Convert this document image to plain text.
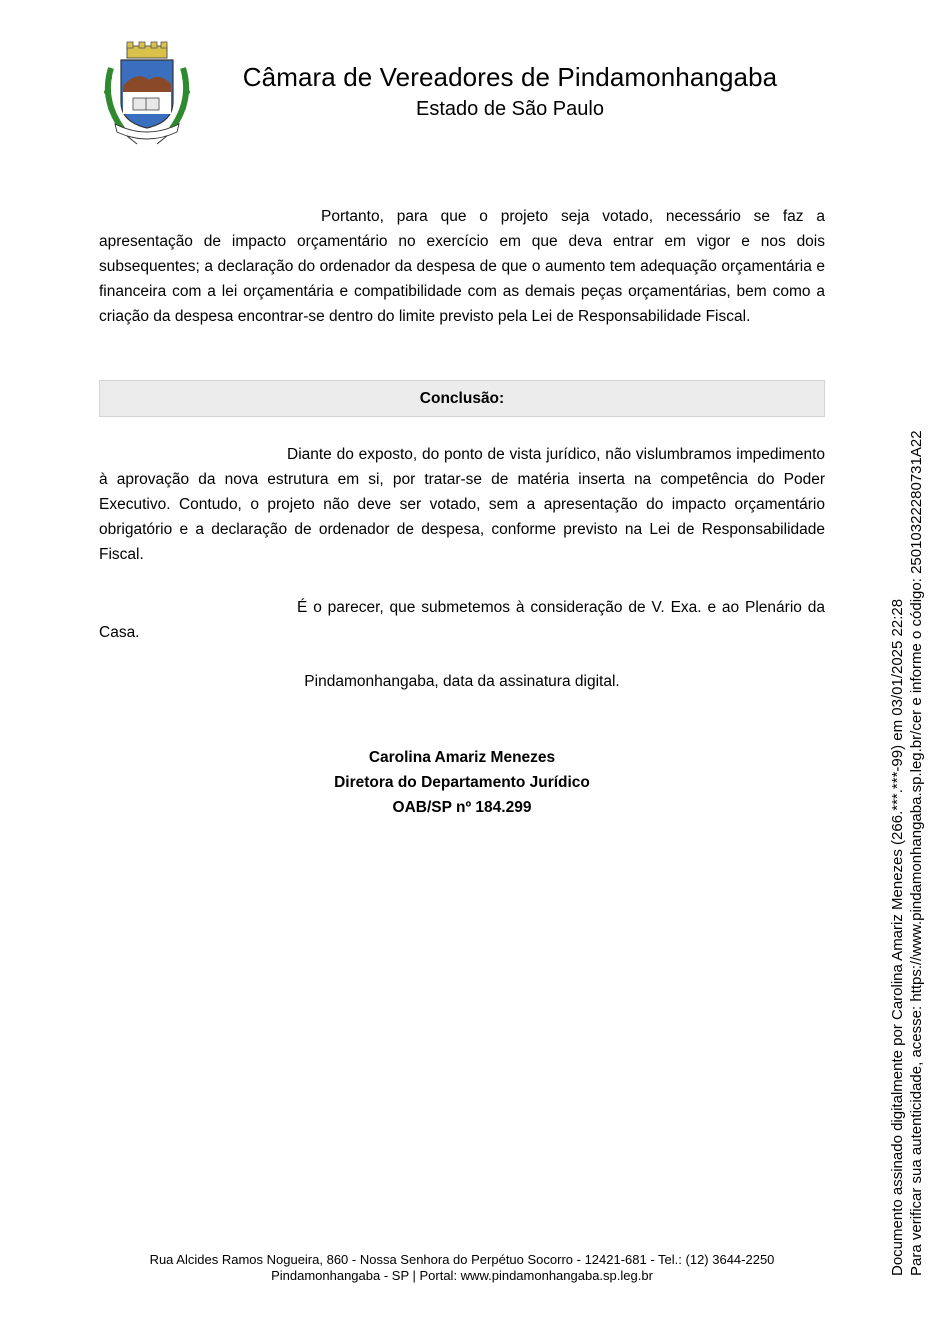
Câmara de Vereadores de Pindamonhangaba
Estado de São Paulo
Portanto, para que o projeto seja votado, necessário se faz a apresentação de impacto orçamentário no exercício em que deva entrar em vigor e nos dois subsequentes; a declaração do ordenador da despesa de que o aumento tem adequação orçamentária e financeira com a lei orçamentária e compatibilidade com as demais peças orçamentárias, bem como a criação da despesa encontrar-se dentro do limite previsto pela Lei de Responsabilidade Fiscal.
Conclusão:
Diante do exposto, do ponto de vista jurídico, não vislumbramos impedimento à aprovação da nova estrutura em si, por tratar-se de matéria inserta na competência do Poder Executivo. Contudo, o projeto não deve ser votado, sem a apresentação do impacto orçamentário obrigatório e a declaração de ordenador de despesa, conforme previsto na Lei de Responsabilidade Fiscal.
É o parecer, que submetemos à consideração de V. Exa. e ao Plenário da Casa.
Pindamonhangaba, data da assinatura digital.
Carolina Amariz Menezes
Diretora do Departamento Jurídico
OAB/SP nº 184.299
Rua Alcides Ramos Nogueira, 860 - Nossa Senhora do Perpétuo Socorro - 12421-681 - Tel.: (12) 3644-2250
Pindamonhangaba - SP | Portal: www.pindamonhangaba.sp.leg.br	Documento assinado digitalmente por Carolina Amariz Menezes (266.***.***-99) em 03/01/2025 22:28 Para verificar sua autenticidade, acesse: https://www.pindamonhangaba.sp.leg.br/cer e informe o código: 25010322280731A22
